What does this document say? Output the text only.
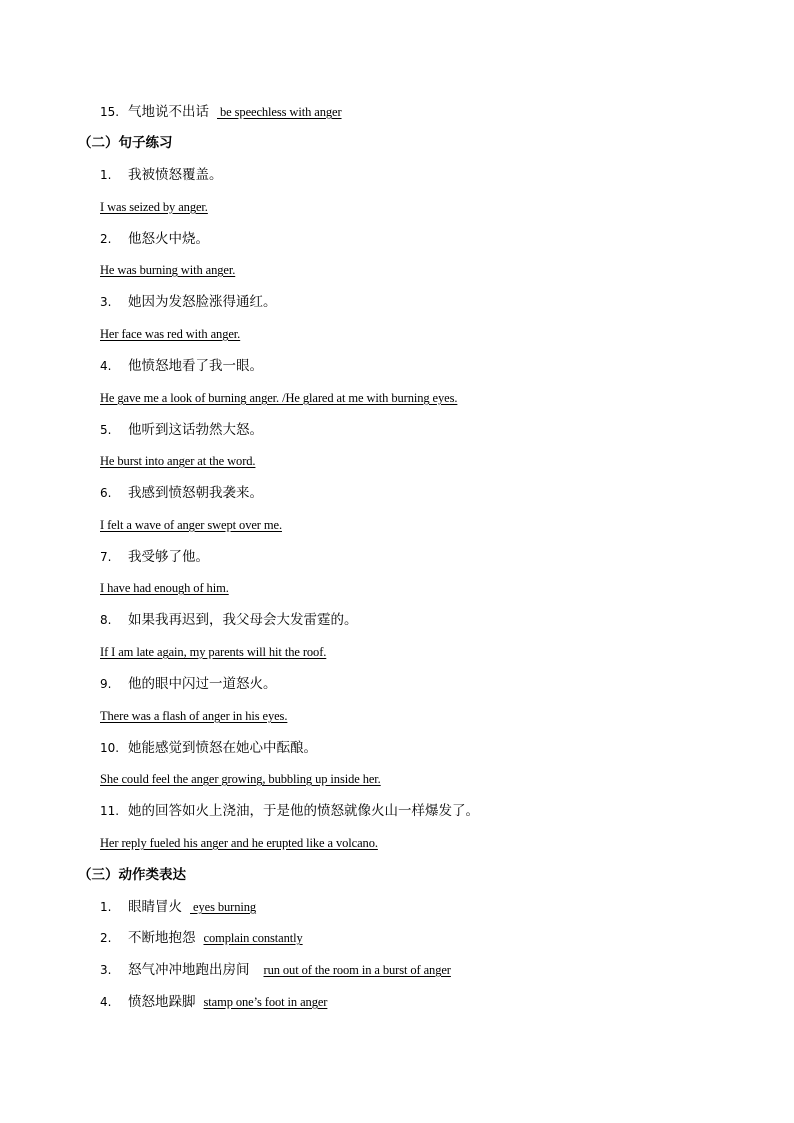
15. 气地说不出话 be speechless with anger
（二）句子练习
1. 我被愤怒覆盖。
I was seized by anger.
2. 他怒火中烧。
He was burning with anger.
3. 她因为发怒脸涨得通红。
Her face was red with anger.
4. 他愤怒地看了我一眼。
He gave me a look of burning anger. /He glared at me with burning eyes.
5. 他听到这话勃然大怒。
He burst into anger at the word.
6. 我感到愤怒朝我袭来。
I felt a wave of anger swept over me.
7. 我受够了他。
I have had enough of him.
8. 如果我再迟到，我父母会大发雷霆的。
If I am late again, my parents will hit the roof.
9. 他的眼中闪过一道怒火。
There was a flash of anger in his eyes.
10. 她能感觉到愤怒在她心中酝酿。
She could feel the anger growing, bubbling up inside her.
11. 她的回答如火上浇油，于是他的愤怒就像火山一样爆发了。
Her reply fueled his anger and he erupted like a volcano.
（三）动作类表达
1. 眼睛冒火 eyes burning
2. 不断地抱怨 complain constantly
3. 怒气冲冲地跑出房间 run out of the room in a burst of anger
4. 愤怒地跺脚 stamp one’s foot in anger
